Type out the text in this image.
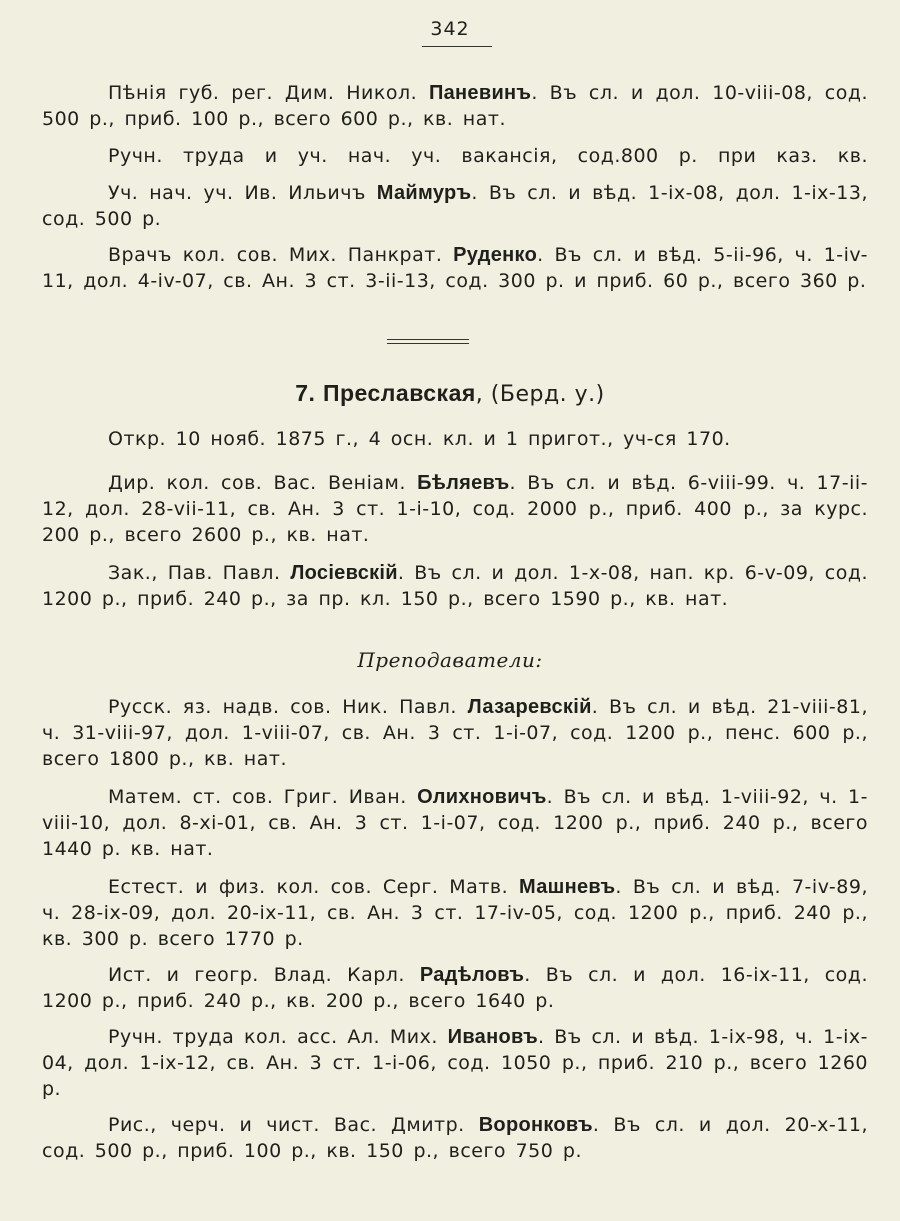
342

Пѣнія губ. рег. Дим. Никол. Паневинъ. Въ сл. и дол. 10-viii-08, сод. 500 р., приб. 100 р., всего 600 р., кв. нат.

Ручн. труда и уч. нач. уч. вакансія, сод.800 р. при каз. кв.

Уч. нач. уч. Ив. Ильичъ Маймуръ. Въ сл. и вѣд. 1-ix-08, дол. 1-ix-13, сод. 500 р.

Врачъ кол. сов. Мих. Панкрат. Руденко. Въ сл. и вѣд. 5-ii-96, ч. 1-iv-11, дол. 4-iv-07, св. Ан. 3 ст. 3-ii-13, сод. 300 р. и приб. 60 р., всего 360 р.

7. Преславская, (Берд. у.)

Откр. 10 нояб. 1875 г., 4 осн. кл. и 1 пригот., уч-ся 170.

Дир. кол. сов. Вас. Веніам. Бѣляевъ. Въ сл. и вѣд. 6-viii-99. ч. 17-ii-12, дол. 28-vii-11, св. Ан. 3 ст. 1-i-10, сод. 2000 р., приб. 400 р., за курс. 200 р., всего 2600 р., кв. нат.

Зак., Пав. Павл. Лосіевскій. Въ сл. и дол. 1-x-08, нап. кр. 6-v-09, сод. 1200 р., приб. 240 р., за пр. кл. 150 р., всего 1590 р., кв. нат.

Преподаватели:

Русск. яз. надв. сов. Ник. Павл. Лазаревскій. Въ сл. и вѣд. 21-viii-81, ч. 31-viii-97, дол. 1-viii-07, св. Ан. 3 ст. 1-i-07, сод. 1200 р., пенс. 600 р., всего 1800 р., кв. нат.

Матем. ст. сов. Григ. Иван. Олихновичъ. Въ сл. и вѣд. 1-viii-92, ч. 1-viii-10, дол. 8-xi-01, св. Ан. 3 ст. 1-i-07, сод. 1200 р., приб. 240 р., всего 1440 р. кв. нат.

Естест. и физ. кол. сов. Серг. Матв. Машневъ. Въ сл. и вѣд. 7-iv-89, ч. 28-ix-09, дол. 20-ix-11, св. Ан. 3 ст. 17-iv-05, сод. 1200 р., приб. 240 р., кв. 300 р. всего 1770 р.

Ист. и геогр. Влад. Карл. Радѣловъ. Въ сл. и дол. 16-ix-11, сод. 1200 р., приб. 240 р., кв. 200 р., всего 1640 р.

Ручн. труда кол. асс. Ал. Мих. Ивановъ. Въ сл. и вѣд. 1-ix-98, ч. 1-ix-04, дол. 1-ix-12, св. Ан. 3 ст. 1-i-06, сод. 1050 р., приб. 210 р., всего 1260 р.

Рис., черч. и чист. Вас. Дмитр. Воронковъ. Въ сл. и дол. 20-x-11, сод. 500 р., приб. 100 р., кв. 150 р., всего 750 р.
